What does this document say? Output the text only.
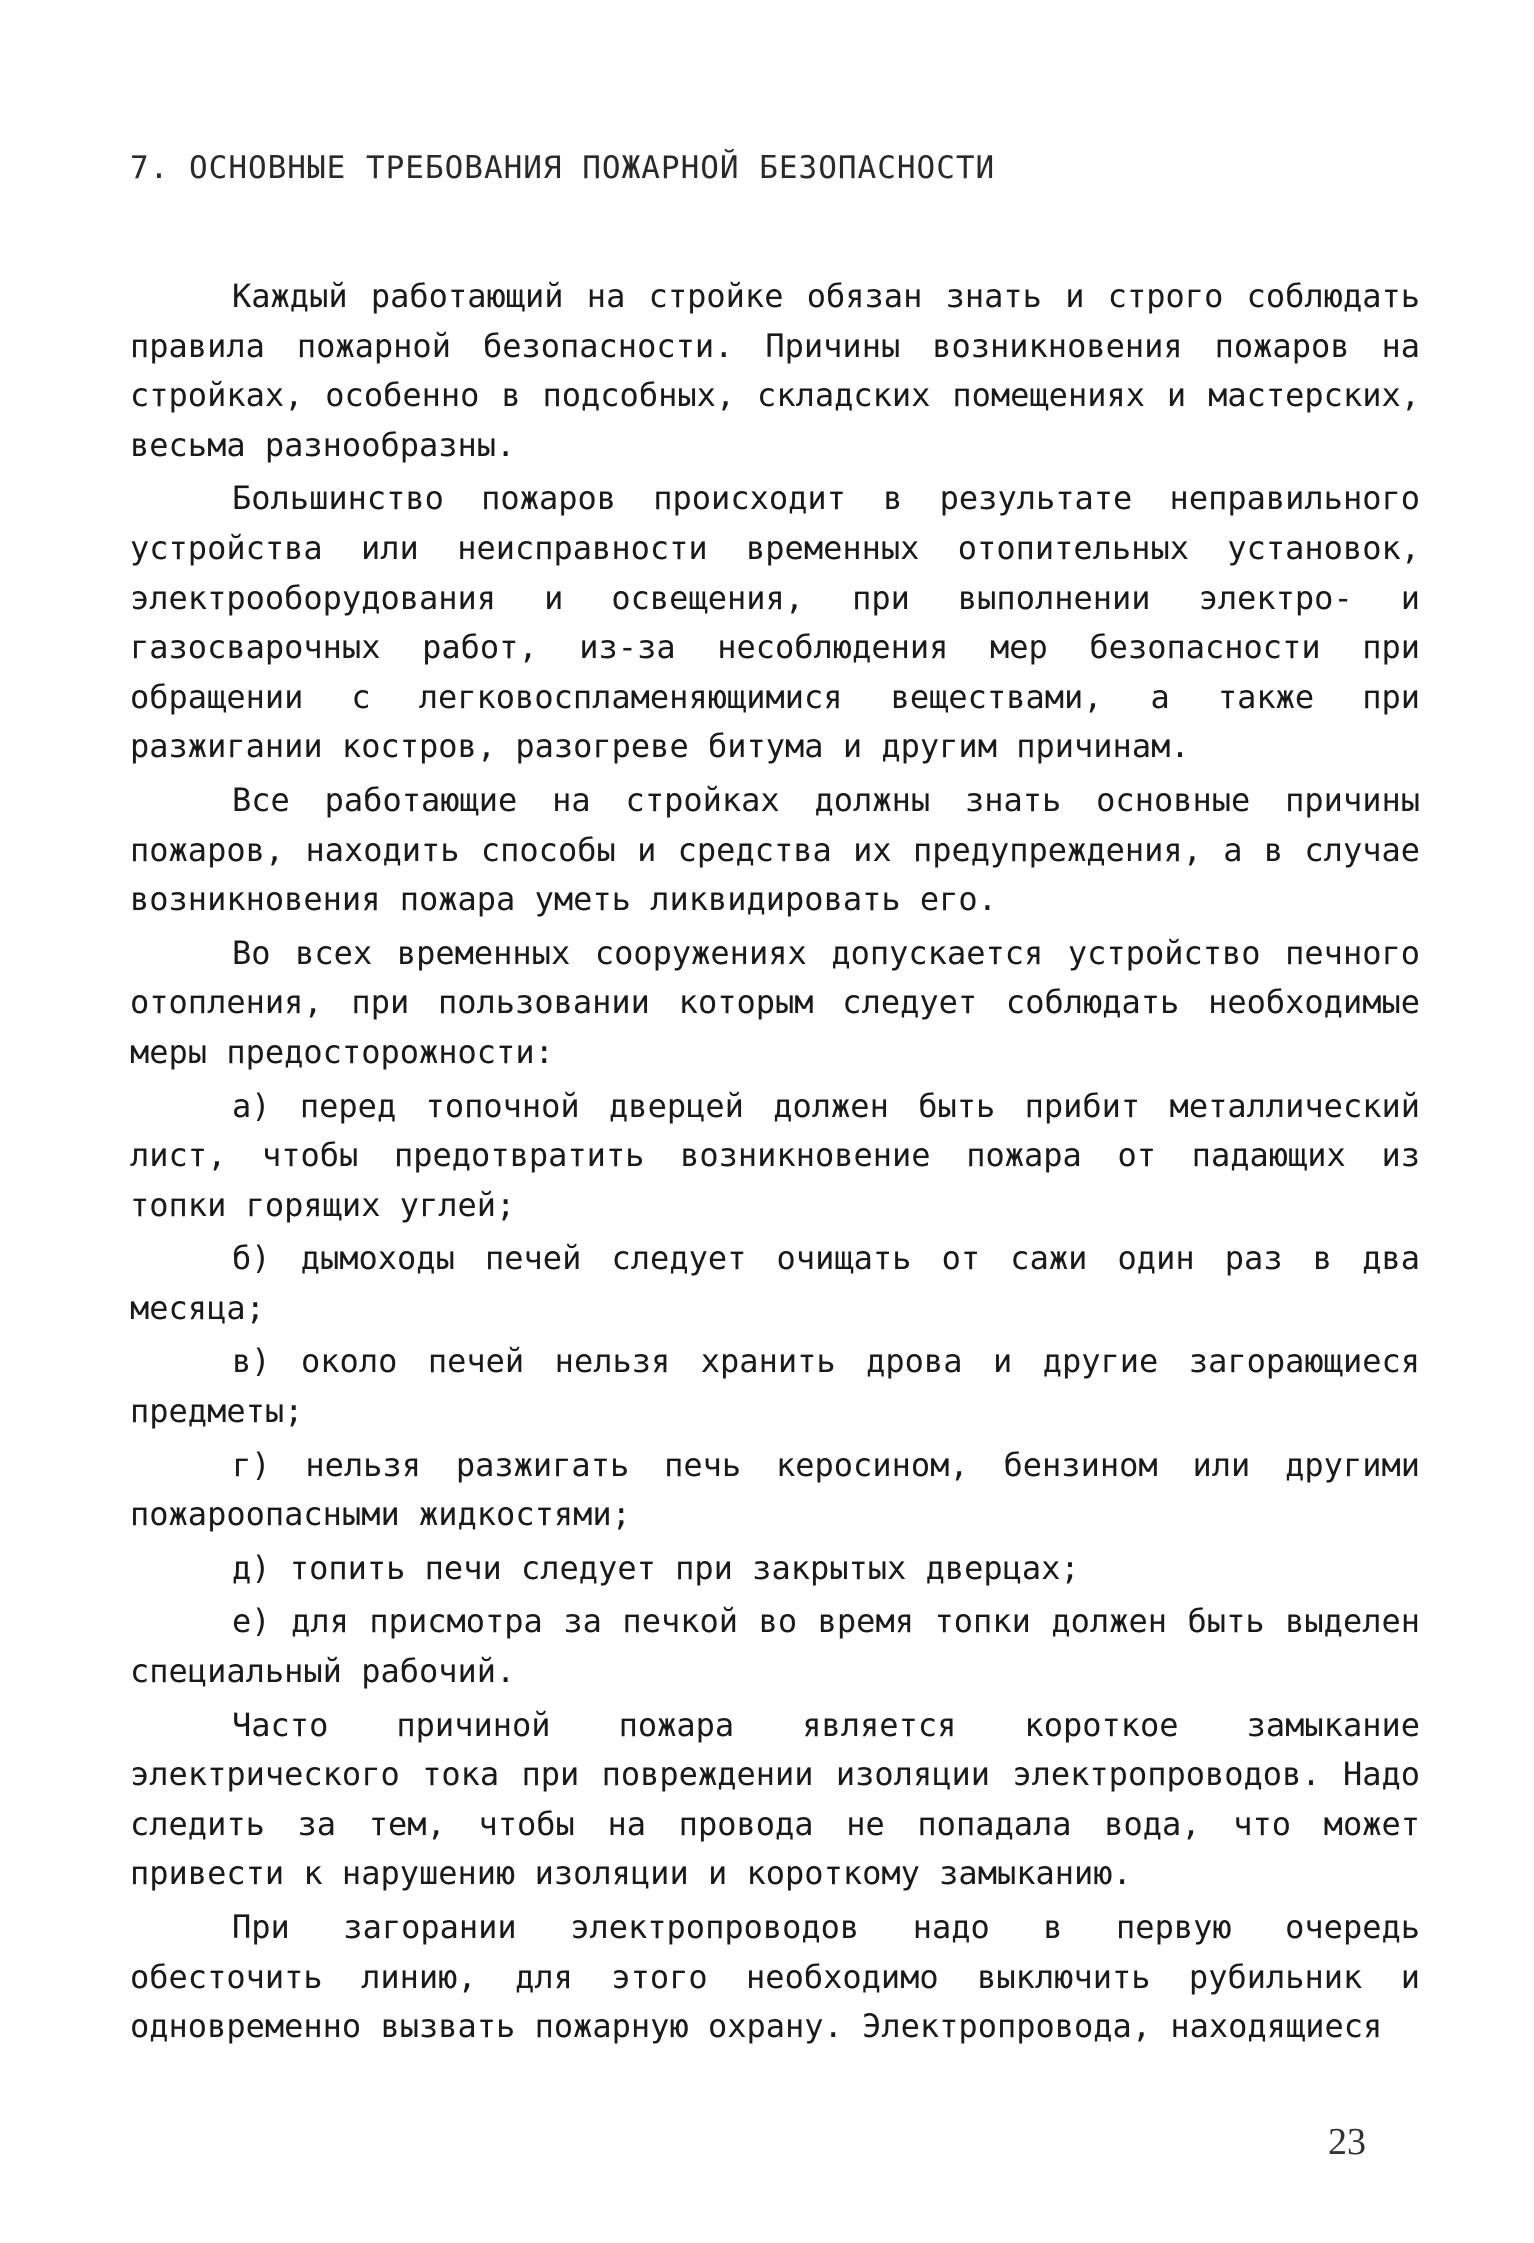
7. ОСНОВНЫЕ ТРЕБОВАНИЯ ПОЖАРНОЙ БЕЗОПАСНОСТИ

Каждый работающий на стройке обязан знать и строго соблюдать правила пожарной безопасности. Причины возникновения пожаров на стройках, особенно в подсобных, складских помещениях и мастерских, весьма разнообразны.

Большинство пожаров происходит в результате неправильного устройства или неисправности временных отопительных установок, электрооборудования и освещения, при выполнении электро- и газосварочных работ, из-за несоблюдения мер безопасности при обращении с легковоспламеняющимися веществами, а также при разжигании костров, разогреве битума и другим причинам.

Все работающие на стройках должны знать основные причины пожаров, находить способы и средства их предупреждения, а в случае возникновения пожара уметь ликвидировать его.

Во всех временных сооружениях допускается устройство печного отопления, при пользовании которым следует соблюдать необходимые меры предосторожности:

а) перед топочной дверцей должен быть прибит металлический лист, чтобы предотвратить возникновение пожара от падающих из топки горящих углей;

б) дымоходы печей следует очищать от сажи один раз в два месяца;

в) около печей нельзя хранить дрова и другие загорающиеся предметы;

г) нельзя разжигать печь керосином, бензином или другими пожароопасными жидкостями;

д) топить печи следует при закрытых дверцах;

е) для присмотра за печкой во время топки должен быть выделен специальный рабочий.

Часто причиной пожара является короткое замыкание электрического тока при повреждении изоляции электропроводов. Надо следить за тем, чтобы на провода не попадала вода, что может привести к нарушению изоляции и короткому замыканию.

При загорании электропроводов надо в первую очередь обесточить линию, для этого необходимо выключить рубильник и одновременно вызвать пожарную охрану. Электропровода, находящиеся

23
